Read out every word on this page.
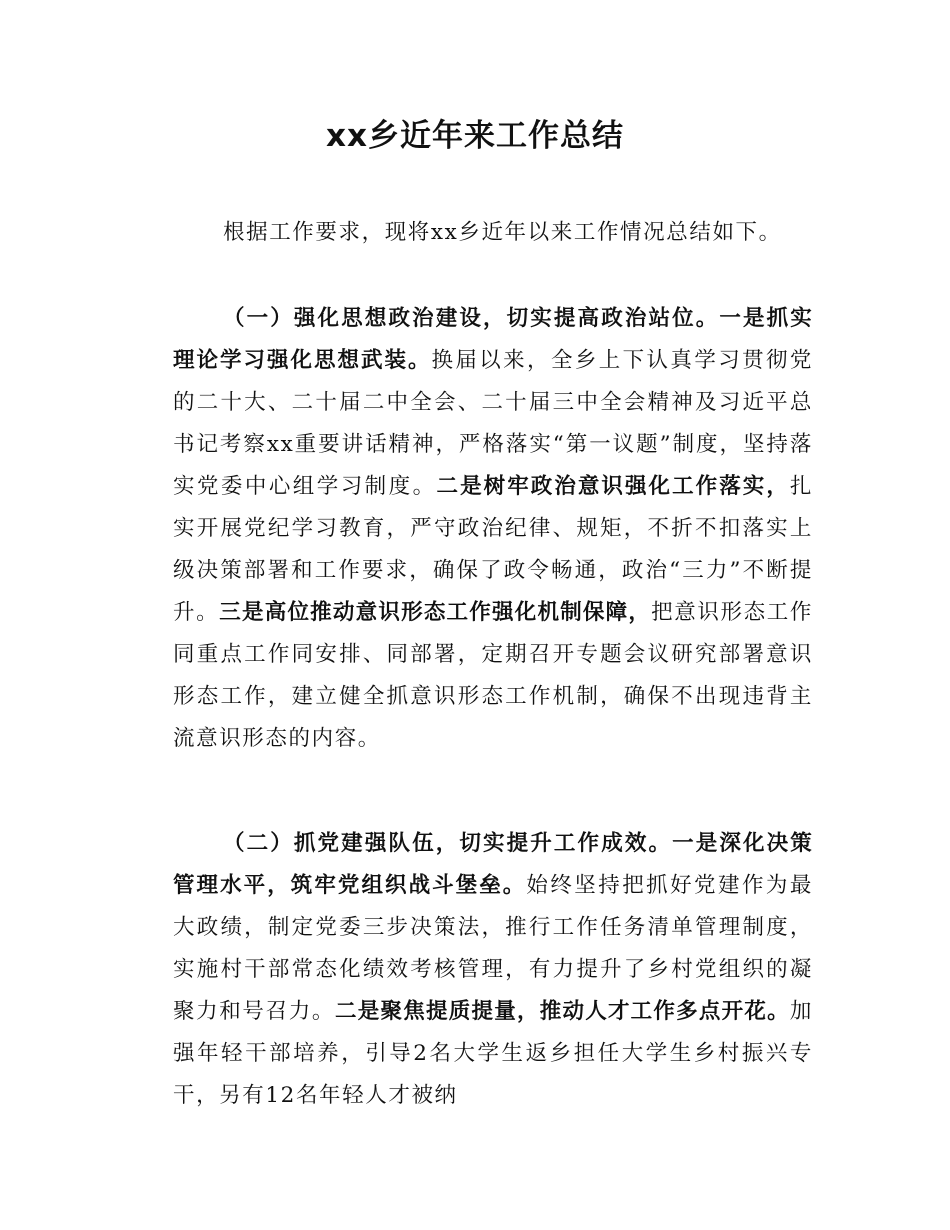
xx乡近年来工作总结

根据工作要求，现将xx乡近年以来工作情况总结如下。

（一）强化思想政治建设，切实提高政治站位。一是抓实理论学习强化思想武装。换届以来，全乡上下认真学习贯彻党的二十大、二十届二中全会、二十届三中全会精神及习近平总书记考察xx重要讲话精神，严格落实“第一议题”制度，坚持落实党委中心组学习制度。二是树牢政治意识强化工作落实，扎实开展党纪学习教育，严守政治纪律、规矩，不折不扣落实上级决策部署和工作要求，确保了政令畅通，政治“三力”不断提升。三是高位推动意识形态工作强化机制保障，把意识形态工作同重点工作同安排、同部署，定期召开专题会议研究部署意识形态工作，建立健全抓意识形态工作机制，确保不出现违背主流意识形态的内容。

（二）抓党建强队伍，切实提升工作成效。一是深化决策管理水平，筑牢党组织战斗堡垒。始终坚持把抓好党建作为最大政绩，制定党委三步决策法，推行工作任务清单管理制度，实施村干部常态化绩效考核管理，有力提升了乡村党组织的凝聚力和号召力。二是聚焦提质提量，推动人才工作多点开花。加强年轻干部培养，引导2名大学生返乡担任大学生乡村振兴专干，另有12名年轻人才被纳
